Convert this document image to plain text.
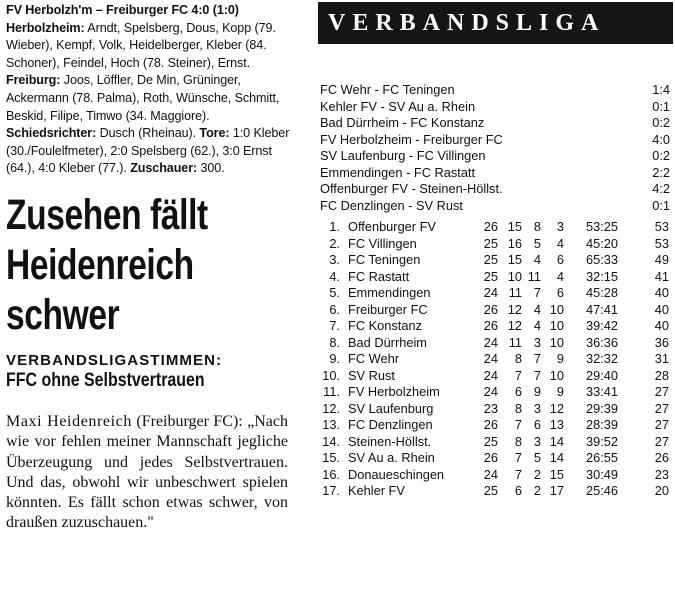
FV Herbolzh'm – Freiburger FC 4:0 (1:0) Herbolzheim: Arndt, Spelsberg, Dous, Kopp (79. Wieber), Kempf, Volk, Heidelberger, Kleber (84. Schoner), Feindel, Hoch (78. Steiner), Ernst. Freiburg: Joos, Löffler, De Min, Grüninger, Ackermann (78. Palma), Roth, Wünsche, Schmitt, Beskid, Filipe, Timwo (34. Maggiore). Schiedsrichter: Dusch (Rheinau). Tore: 1:0 Kleber (30./Foulelfmeter), 2:0 Spelsberg (62.), 3:0 Ernst (64.), 4:0 Kleber (77.). Zuschauer: 300.
Zusehen fällt
Heidenreich
schwer
VERBANDSLIGASTIMMEN:
FFC ohne Selbstvertrauen
Maxi Heidenreich (Freiburger FC): „Nach wie vor fehlen meiner Mannschaft jegliche Überzeugung und jedes Selbstvertrauen. Und das, obwohl wir unbeschwert spielen könnten. Es fällt schon etwas schwer, von draußen zuzuschauen."
VERBANDSLIGA
FC Wehr - FC Teningen	1:4
Kehler FV - SV Au a. Rhein	0:1
Bad Dürrheim - FC Konstanz	0:2
FV Herbolzheim - Freiburger FC	4:0
SV Laufenburg - FC Villingen	0:2
Emmendingen - FC Rastatt	2:2
Offenburger FV - Steinen-Höllst.	4:2
FC Denzlingen - SV Rust	0:1
1. Offenburger FV	26 15 8	3	53:25	53
2. FC Villingen	25 16 5	4	45:20	53
3. FC Teningen	25 15 4	6	65:33	49
4. FC Rastatt	25 10 11	4	32:15	41
5. Emmendingen	24 11 7	6	45:28	40
6. Freiburger FC	26 12 4 10	47:41	40
7. FC Konstanz	26 12 4 10	39:42	40
8. Bad Dürrheim	24 11 3 10	36:36	36
9. FC Wehr	24	8 7	9	32:32	31
10. SV Rust	24	7 7 10	29:40	28
11. FV Herbolzheim	24	6 9	9	33:41	27
12. SV Laufenburg	23	8 3 12	29:39	27
13. FC Denzlingen	26	7 6 13	28:39	27
14. Steinen-Höllst.	25	8 3 14	39:52	27
15. SV Au a. Rhein	26	7 5 14	26:55	26
16. Donaueschingen	24	7 2 15	30:49	23
17. Kehler FV	25	6 2 17	25:46	20
